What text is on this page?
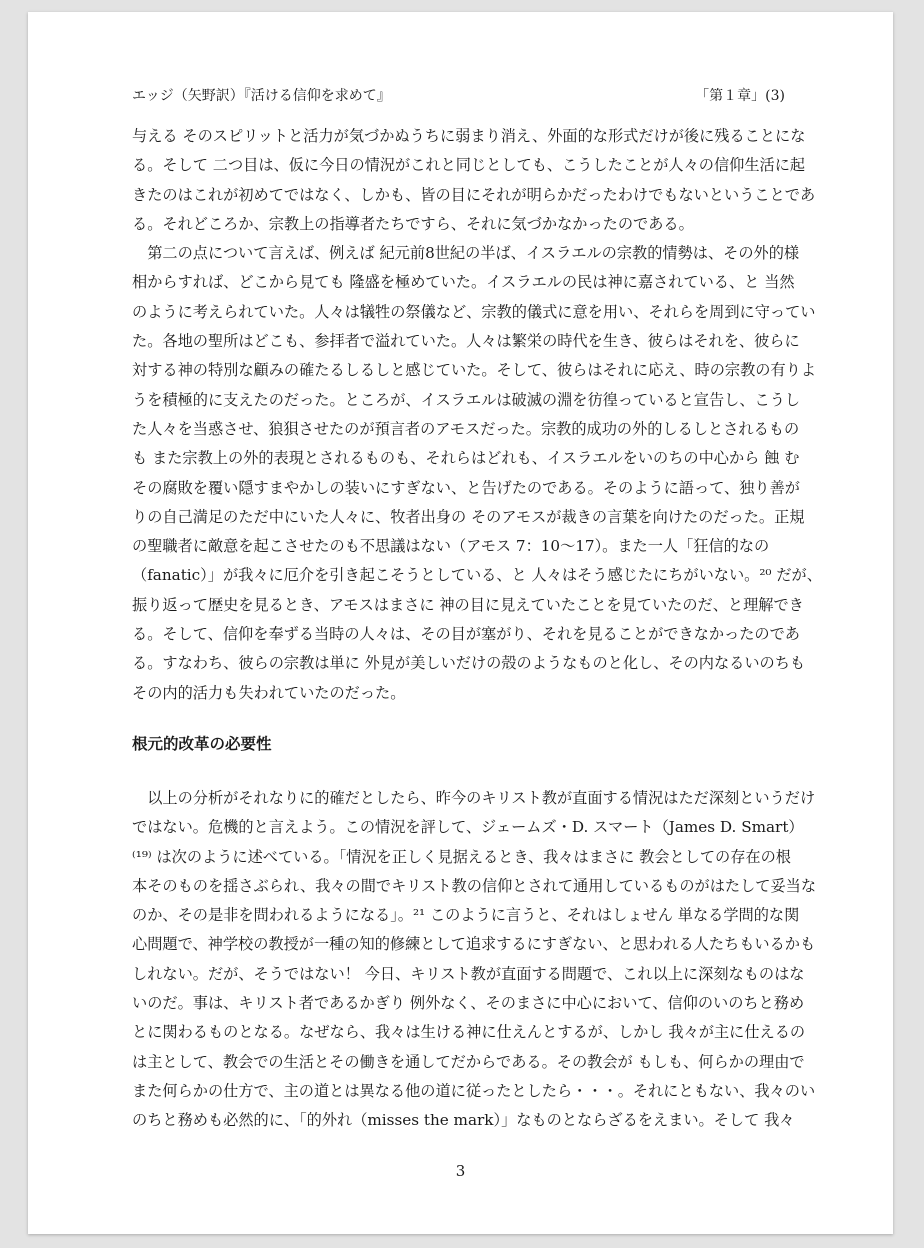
エッジ（矢野訳）『活ける信仰を求めて』	「第１章」(3)
与える そのスピリットと活力が気づかぬうちに弱まり消え、外面的な形式だけが後に残ることにな
る。そして 二つ目は、仮に今日の情況がこれと同じとしても、こうしたことが人々の信仰生活に起
きたのはこれが初めてではなく、しかも、皆の目にそれが明らかだったわけでもないということであ
る。それどころか、宗教上の指導者たちですら、それに気づかなかったのである。
　第二の点について言えば、例えば 紀元前8世紀の半ば、イスラエルの宗教的情勢は、その外的様
相からすれば、どこから見ても 隆盛を極めていた。イスラエルの民は神に嘉されている、と 当然
のように考えられていた。人々は犠牲の祭儀など、宗教的儀式に意を用い、それらを周到に守ってい
た。各地の聖所はどこも、参拝者で溢れていた。人々は繁栄の時代を生き、彼らはそれを、彼らに
対する神の特別な顧みの確たるしるしと感じていた。そして、彼らはそれに応え、時の宗教の有りよ
うを積極的に支えたのだった。ところが、イスラエルは破滅の淵を彷徨っていると宣告し、こうし
た人々を当惑させ、狼狽させたのが預言者のアモスだった。宗教的成功の外的しるしとされるもの
も また宗教上の外的表現とされるものも、それらはどれも、イスラエルをいのちの中心から 蝕 む
その腐敗を覆い隠すまやかしの装いにすぎない、と告げたのである。そのように語って、独り善が
りの自己満足のただ中にいた人々に、牧者出身の そのアモスが裁きの言葉を向けたのだった。正規
の聖職者に敵意を起こさせたのも不思議はない（アモス 7：10〜17）。また一人「狂信的なの
（fanatic）」が我々に厄介を引き起こそうとしている、と 人々はそう感じたにちがいない。²⁰ だが、
振り返って歴史を見るとき、アモスはまさに 神の目に見えていたことを見ていたのだ、と理解でき
る。そして、信仰を奉ずる当時の人々は、その目が塞がり、それを見ることができなかったのであ
る。すなわち、彼らの宗教は単に 外見が美しいだけの殻のようなものと化し、その内なるいのちも
その内的活力も失われていたのだった。
根元的改革の必要性
　以上の分析がそれなりに的確だとしたら、昨今のキリスト教が直面する情況はただ深刻というだけ
ではない。危機的と言えよう。この情況を評して、ジェームズ・D. スマート（James D. Smart）
⁽¹⁹⁾ は次のように述べている。「情況を正しく見据えるとき、我々はまさに 教会としての存在の根
本そのものを揺さぶられ、我々の間でキリスト教の信仰とされて通用しているものがはたして妥当な
のか、その是非を問われるようになる」。²¹ このように言うと、それはしょせん 単なる学問的な関
心問題で、神学校の教授が一種の知的修練として追求するにすぎない、と思われる人たちもいるかも
しれない。だが、そうではない！ 今日、キリスト教が直面する問題で、これ以上に深刻なものはな
いのだ。事は、キリスト者であるかぎり 例外なく、そのまさに中心において、信仰のいのちと務め
とに関わるものとなる。なぜなら、我々は生ける神に仕えんとするが、しかし 我々が主に仕えるの
は主として、教会での生活とその働きを通してだからである。その教会が もしも、何らかの理由で
また何らかの仕方で、主の道とは異なる他の道に従ったとしたら・・・。それにともない、我々のい
のちと務めも必然的に、「的外れ（misses the mark）」なものとならざるをえまい。そして 我々
3
